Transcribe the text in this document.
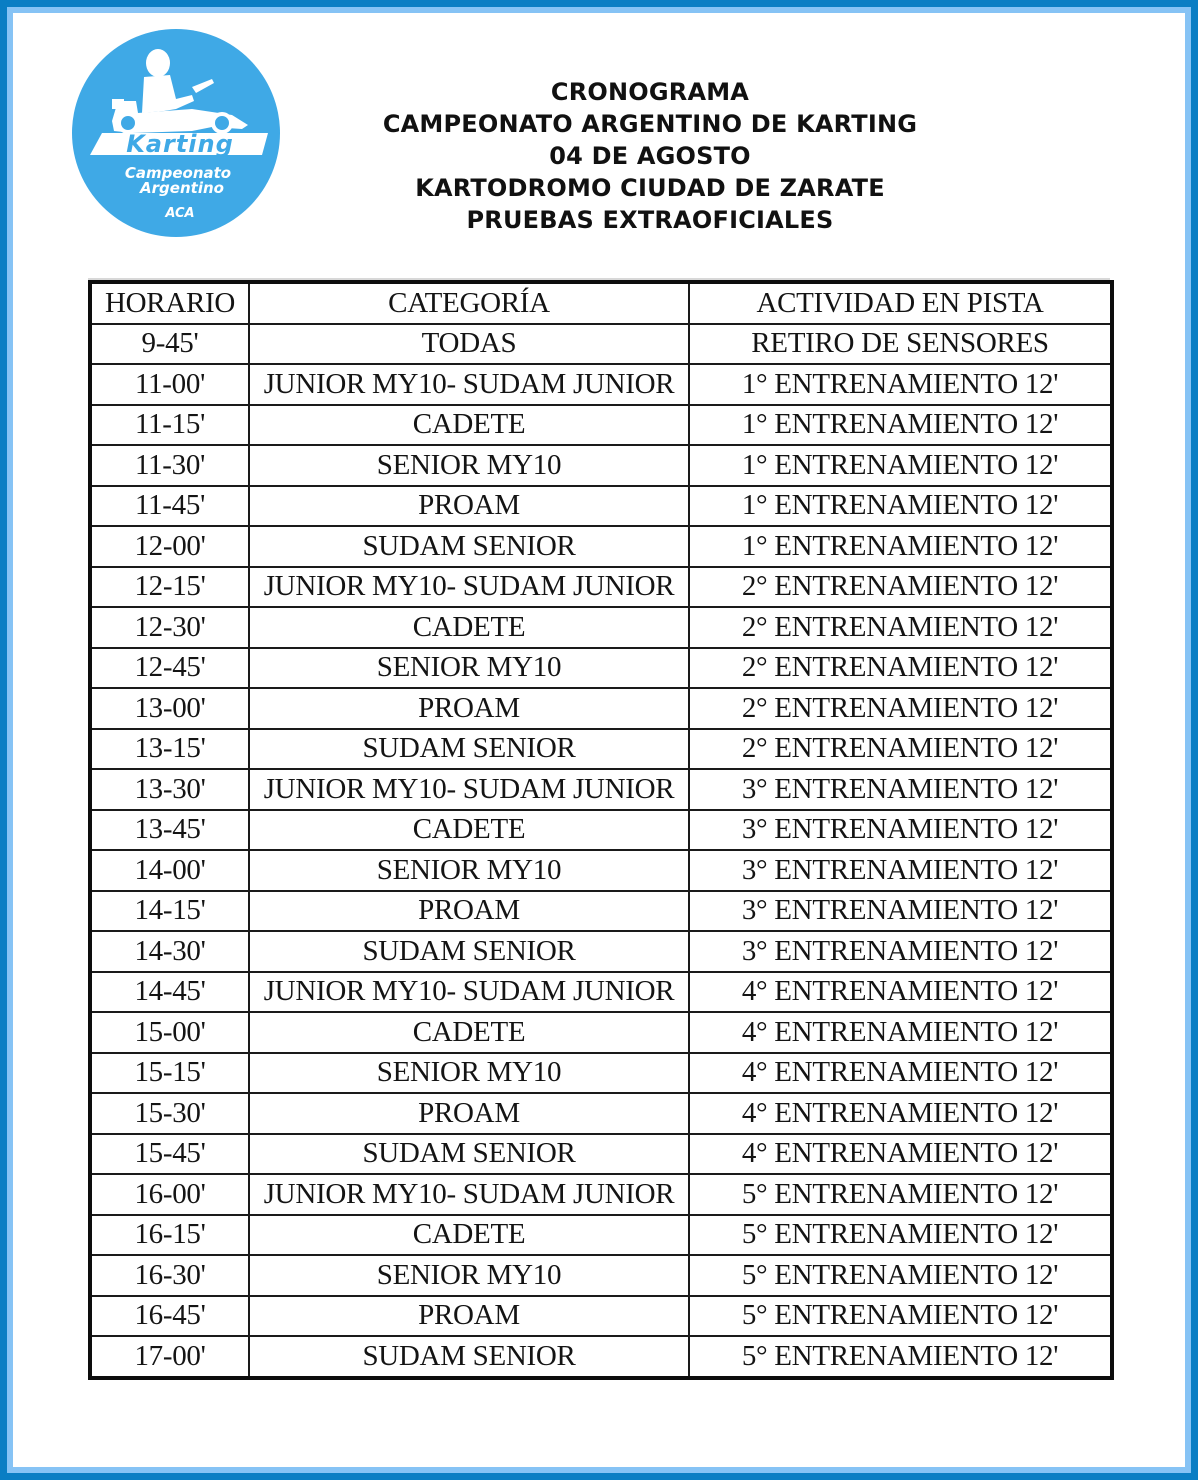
Karting
Campeonato
Argentino
ACA
CRONOGRAMA
CAMPEONATO ARGENTINO DE KARTING
04 DE AGOSTO
KARTODROMO CIUDAD DE ZARATE
PRUEBAS EXTRAOFICIALES
HORARIO	CATEGORÍA	ACTIVIDAD EN PISTA
9-45'	TODAS	RETIRO DE SENSORES
11-00'	JUNIOR MY10- SUDAM JUNIOR	1° ENTRENAMIENTO 12'
11-15'	CADETE	1° ENTRENAMIENTO 12'
11-30'	SENIOR MY10	1° ENTRENAMIENTO 12'
11-45'	PROAM	1° ENTRENAMIENTO 12'
12-00'	SUDAM SENIOR	1° ENTRENAMIENTO 12'
12-15'	JUNIOR MY10- SUDAM JUNIOR	2° ENTRENAMIENTO 12'
12-30'	CADETE	2° ENTRENAMIENTO 12'
12-45'	SENIOR MY10	2° ENTRENAMIENTO 12'
13-00'	PROAM	2° ENTRENAMIENTO 12'
13-15'	SUDAM SENIOR	2° ENTRENAMIENTO 12'
13-30'	JUNIOR MY10- SUDAM JUNIOR	3° ENTRENAMIENTO 12'
13-45'	CADETE	3° ENTRENAMIENTO 12'
14-00'	SENIOR MY10	3° ENTRENAMIENTO 12'
14-15'	PROAM	3° ENTRENAMIENTO 12'
14-30'	SUDAM SENIOR	3° ENTRENAMIENTO 12'
14-45'	JUNIOR MY10- SUDAM JUNIOR	4° ENTRENAMIENTO 12'
15-00'	CADETE	4° ENTRENAMIENTO 12'
15-15'	SENIOR MY10	4° ENTRENAMIENTO 12'
15-30'	PROAM	4° ENTRENAMIENTO 12'
15-45'	SUDAM SENIOR	4° ENTRENAMIENTO 12'
16-00'	JUNIOR MY10- SUDAM JUNIOR	5° ENTRENAMIENTO 12'
16-15'	CADETE	5° ENTRENAMIENTO 12'
16-30'	SENIOR MY10	5° ENTRENAMIENTO 12'
16-45'	PROAM	5° ENTRENAMIENTO 12'
17-00'	SUDAM SENIOR	5° ENTRENAMIENTO 12'
